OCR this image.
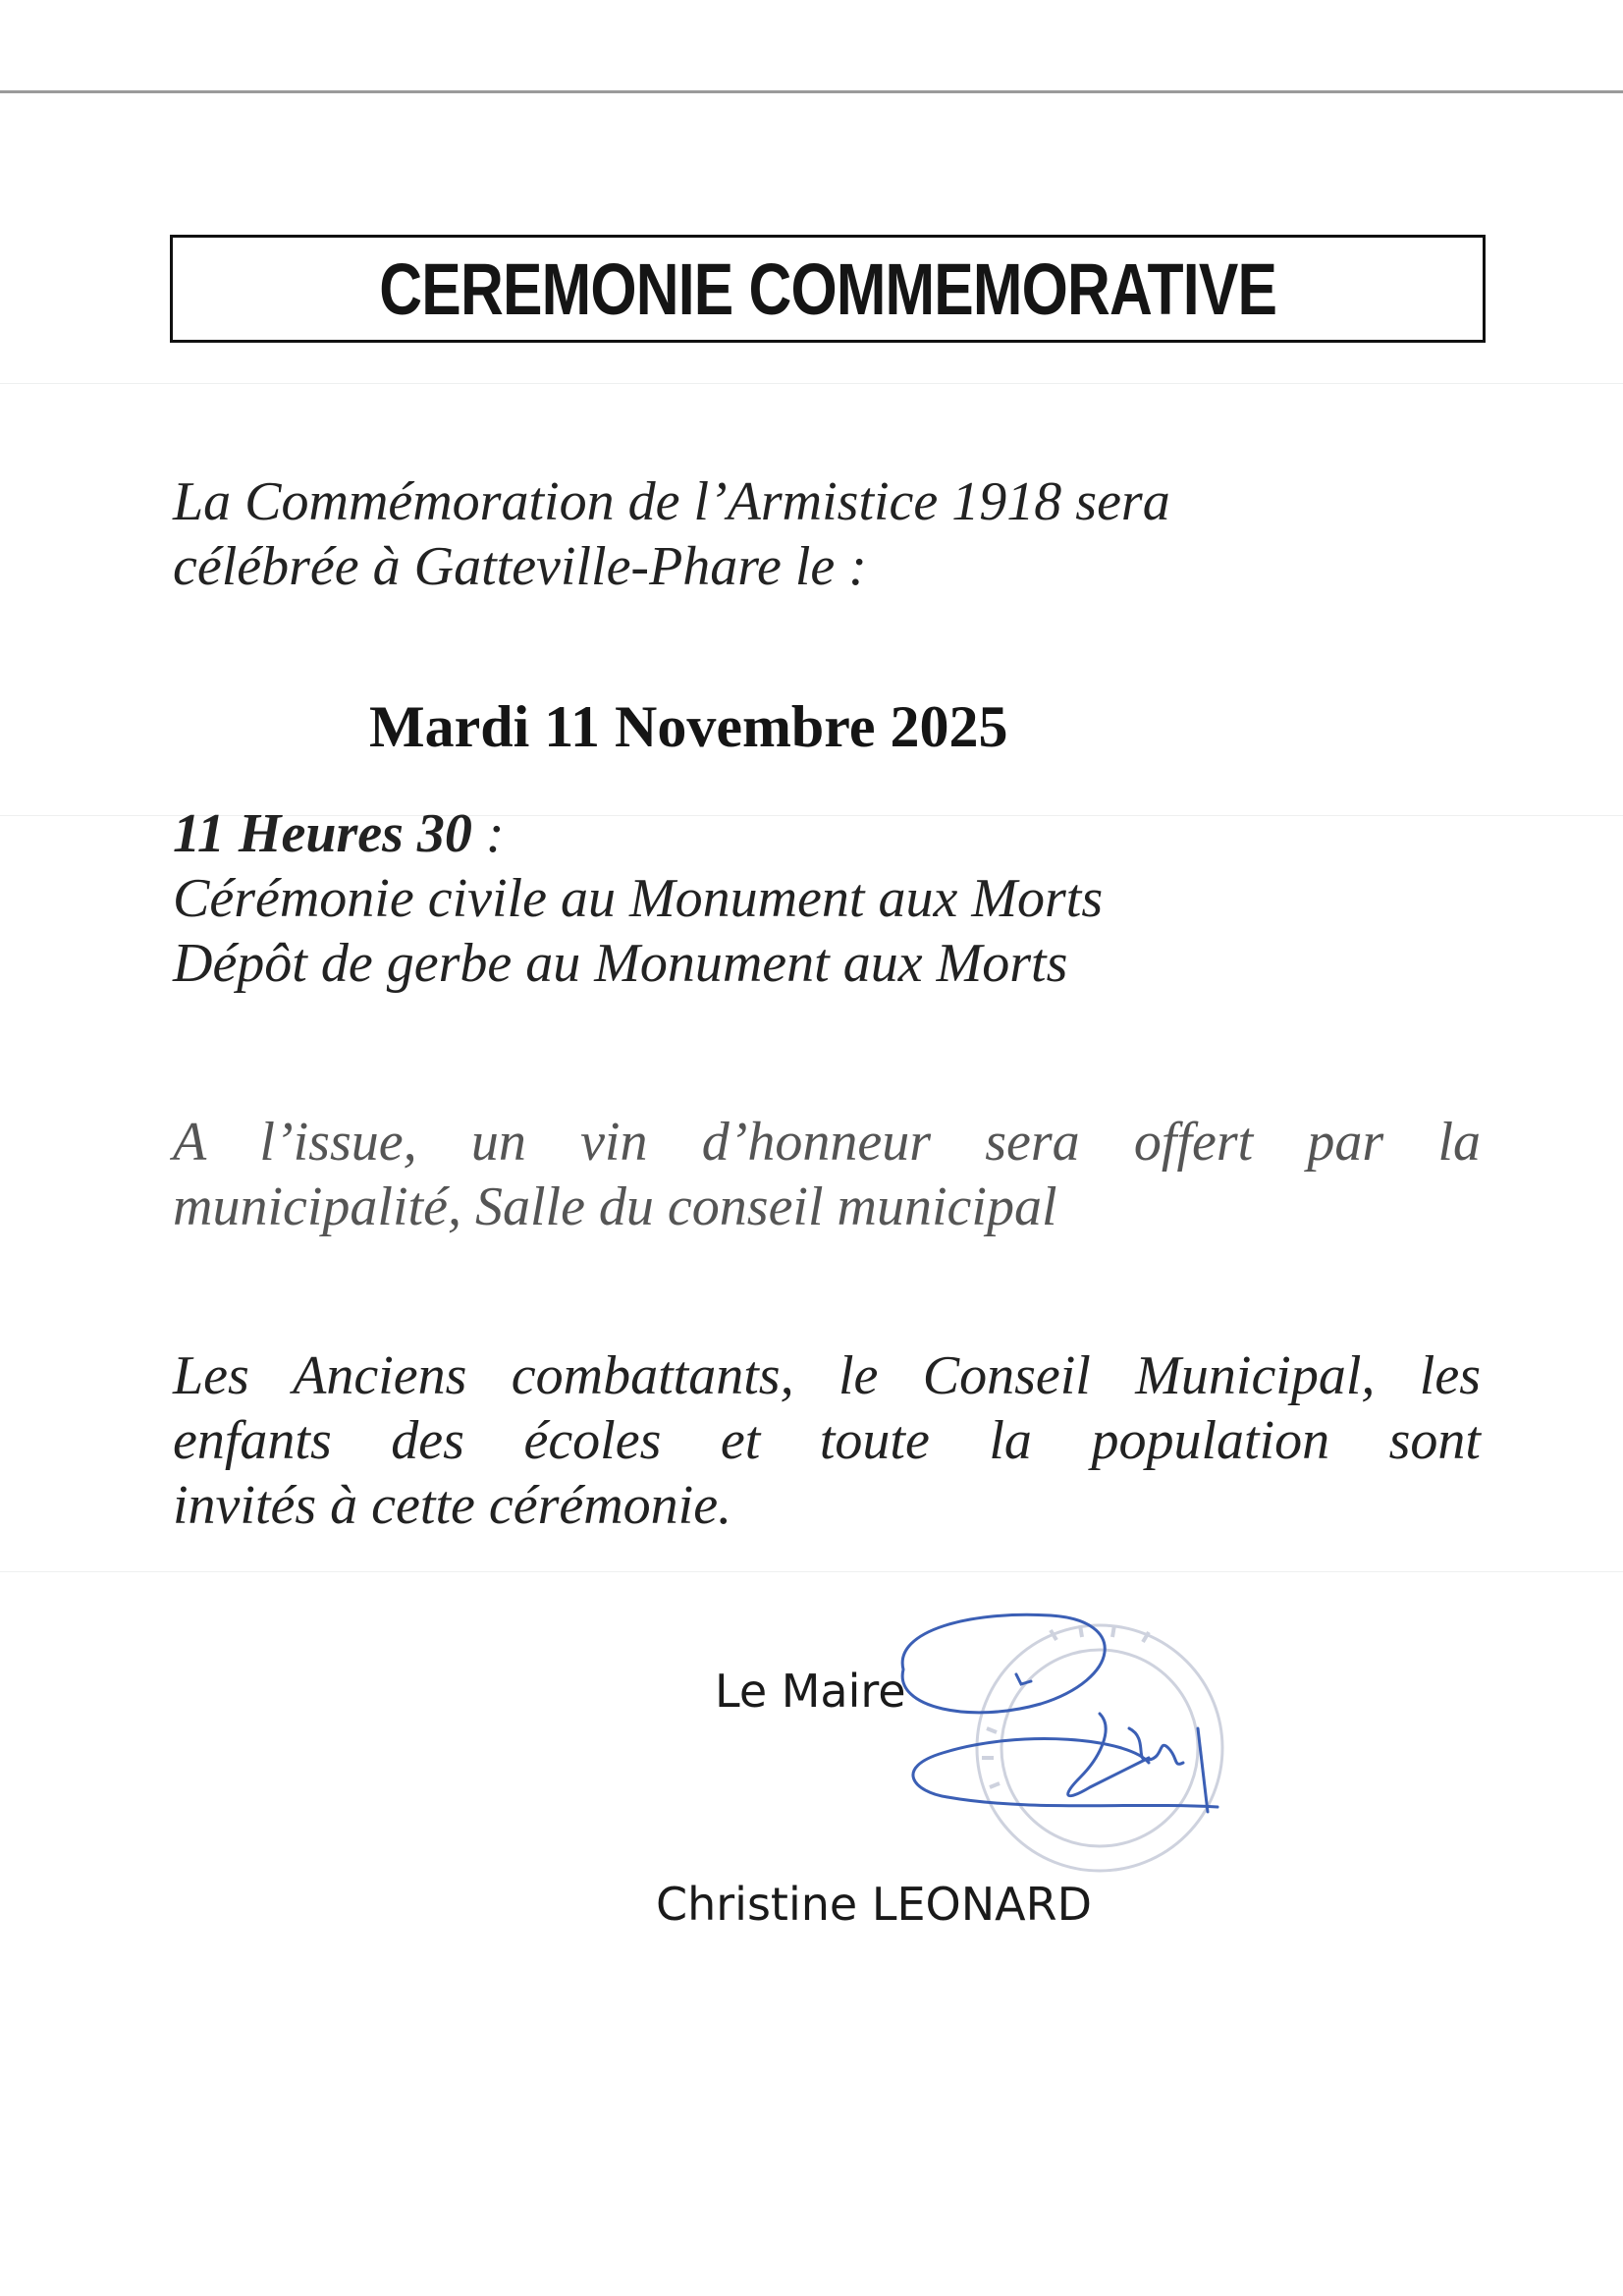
CEREMONIE COMMEMORATIVE
La Commémoration de l’Armistice 1918 sera
célébrée à Gatteville-Phare le :
Mardi 11 Novembre 2025
11 Heures 30 :
Cérémonie civile au Monument aux Morts
Dépôt de gerbe au Monument aux Morts
A l’issue, un vin d’honneur sera offert par la
municipalité, Salle du conseil municipal
Les Anciens combattants, le Conseil Municipal, les
enfants des écoles et toute la population sont
invités à cette cérémonie.
Le Maire
Christine LEONARD
